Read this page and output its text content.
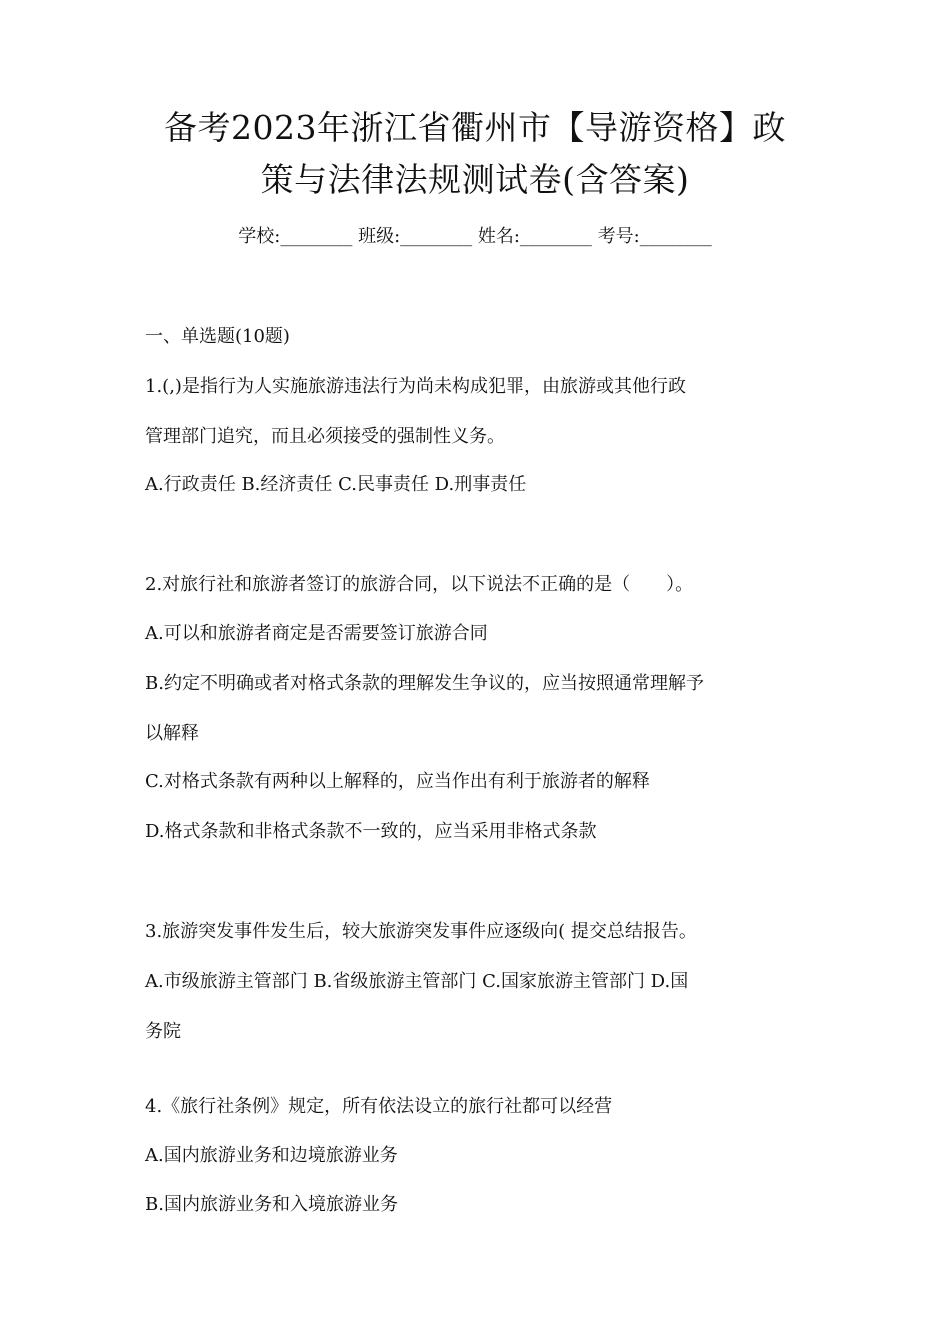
备考2023年浙江省衢州市【导游资格】政
策与法律法规测试卷(含答案)
学校:________ 班级:________ 姓名:________ 考号:________
一、单选题(10题)
1.(,)是指行为人实施旅游违法行为尚未构成犯罪，由旅游或其他行政
管理部门追究，而且必须接受的强制性义务。
A.行政责任 B.经济责任 C.民事责任 D.刑事责任
2.对旅行社和旅游者签订的旅游合同，以下说法不正确的是（　　）。
A.可以和旅游者商定是否需要签订旅游合同
B.约定不明确或者对格式条款的理解发生争议的，应当按照通常理解予
以解释
C.对格式条款有两种以上解释的，应当作出有利于旅游者的解释
D.格式条款和非格式条款不一致的，应当采用非格式条款
3.旅游突发事件发生后，较大旅游突发事件应逐级向( 提交总结报告。
A.市级旅游主管部门 B.省级旅游主管部门 C.国家旅游主管部门 D.国
务院
4.《旅行社条例》规定，所有依法设立的旅行社都可以经营
A.国内旅游业务和边境旅游业务
B.国内旅游业务和入境旅游业务
